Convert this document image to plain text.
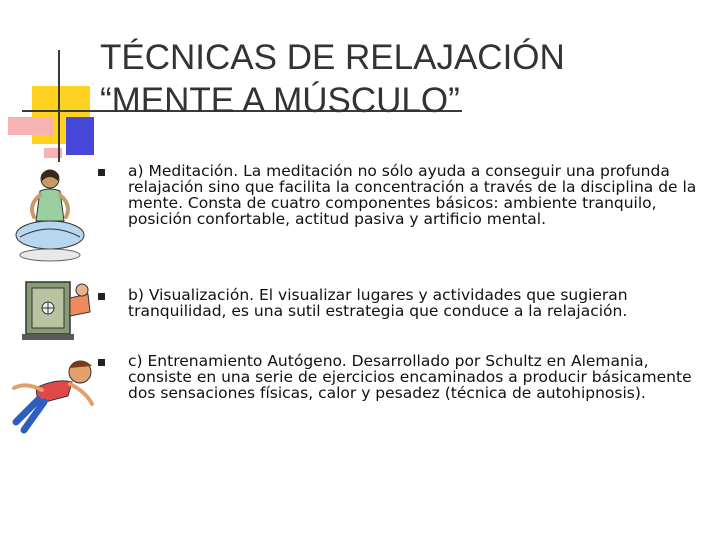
TÉCNICAS DE RELAJACIÓN
“MENTE A MÚSCULO”
a) Meditación. La meditación no sólo ayuda a conseguir una profunda relajación sino que facilita la concentración a través de la disciplina de la mente. Consta de cuatro componentes básicos: ambiente tranquilo, posición confortable, actitud pasiva y artificio mental.
b) Visualización. El visualizar lugares y actividades que sugieran tranquilidad, es una sutil estrategia que conduce a la relajación.
c) Entrenamiento Autógeno. Desarrollado por Schultz en Alemania, consiste en una serie de ejercicios encaminados a producir básicamente dos sensaciones físicas, calor y pesadez (técnica de autohipnosis).
